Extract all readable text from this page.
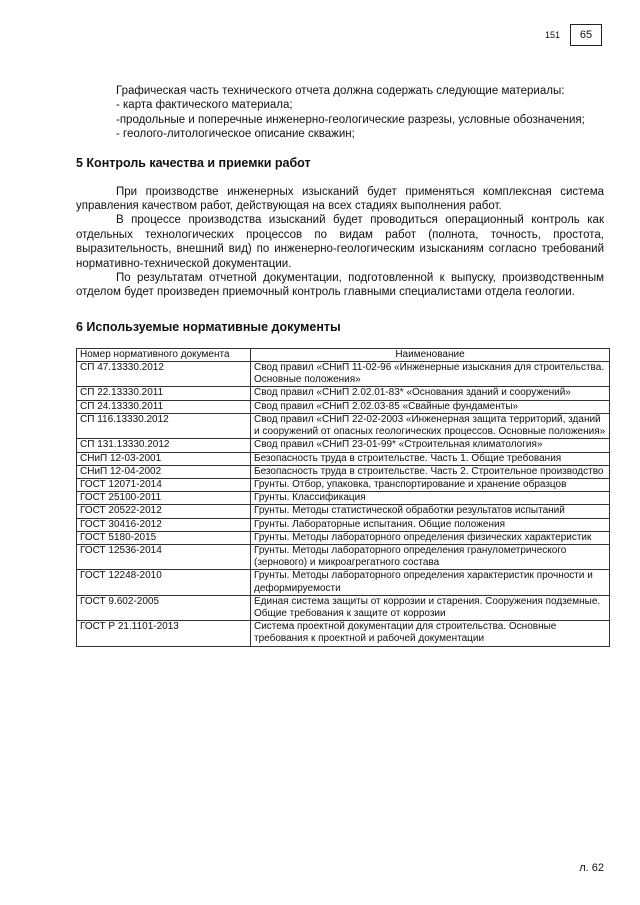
151	65

Графическая часть технического отчета должна содержать следующие материалы:

- карта фактического материала;

-продольные и поперечные инженерно-геологические разрезы, условные обозначения;

- геолого-литологическое описание скважин;

5 Контроль качества и приемки работ

При производстве инженерных изысканий будет применяться комплексная система управления качеством работ, действующая на всех стадиях выполнения работ.

В процессе производства изысканий будет проводиться операционный контроль как отдельных технологических процессов по видам работ (полнота, точность, простота, выразительность, внешний вид) по инженерно-геологическим изысканиям согласно требований нормативно-технической документации.

По результатам отчетной документации, подготовленной к выпуску, производственным отделом будет произведен приемочный контроль главными специалистами отдела геологии.

6 Используемые нормативные документы
Номер нормативного документа	Наименование
СП 47.13330.2012	Свод правил «СНиП 11-02-96 «Инженерные изыскания для строительства. Основные положения»
СП 22.13330.2011	Свод правил «СНиП 2.02.01-83* «Основания зданий и сооружений»
СП 24.13330.2011	Свод правил «СНиП 2.02.03-85 «Свайные фундаменты»
СП 116.13330.2012	Свод правил «СНиП 22-02-2003 «Инженерная защита территорий, зданий и сооружений от опасных геологических процессов. Основные положения»
СП 131.13330.2012	Свод правил «СНиП 23-01-99* «Строительная климатология»
СНиП 12-03-2001	Безопасность труда в строительстве. Часть 1. Общие требования
СНиП 12-04-2002	Безопасность труда в строительстве. Часть 2. Строительное производство
ГОСТ 12071-2014	Грунты. Отбор, упаковка, транспортирование и хранение образцов
ГОСТ 25100-2011	Грунты. Классификация
ГОСТ 20522-2012	Грунты. Методы статистической обработки результатов испытаний
ГОСТ 30416-2012	Грунты. Лабораторные испытания. Общие положения
ГОСТ 5180-2015	Грунты. Методы лабораторного определения физических характеристик
ГОСТ 12536-2014	Грунты. Методы лабораторного определения гранулометрического (зернового) и микроагрегатного состава
ГОСТ 12248-2010	Грунты. Методы лабораторного определения характеристик прочности и деформируемости
ГОСТ 9.602-2005	Единая система защиты от коррозии и старения. Сооружения подземные. Общие требования к защите от коррозии
ГОСТ Р 21.1101-2013	Система проектной документации для строительства. Основные требования к проектной и рабочей документации
л. 62
